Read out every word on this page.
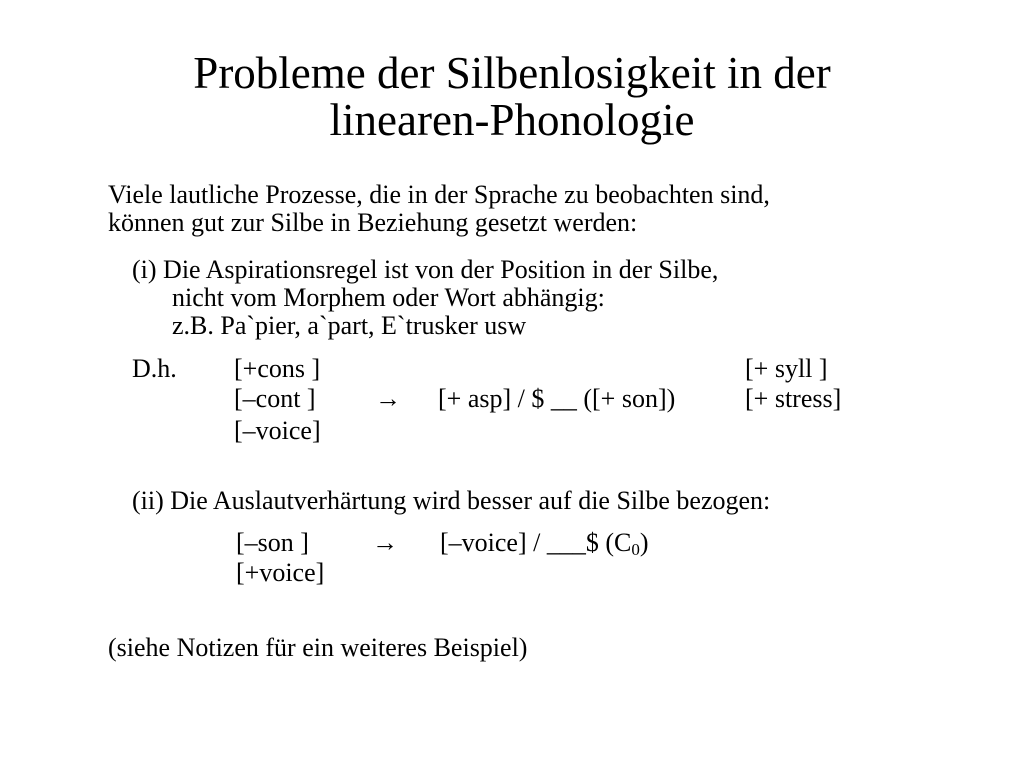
Probleme der Silbenlosigkeit in der
linearen-Phonologie
Viele lautliche Prozesse, die in der Sprache zu beobachten sind,
können gut zur Silbe in Beziehung gesetzt werden:
(i) Die Aspirationsregel ist von der Position in der Silbe,
nicht vom Morphem oder Wort abhängig:
z.B. Pa`pier, a`part, E`trusker usw
D.h. [+cons ]
[–cont ]
[–voice]
→ [+ asp] / $ __ ([+ son])
[+ syll ]
[+ stress]
(ii) Die Auslautverhärtung wird besser auf die Silbe bezogen:
[–son ]
[+voice]
→ [–voice] / ___$ $(C_0)$
(siehe Notizen für ein weiteres Beispiel)
